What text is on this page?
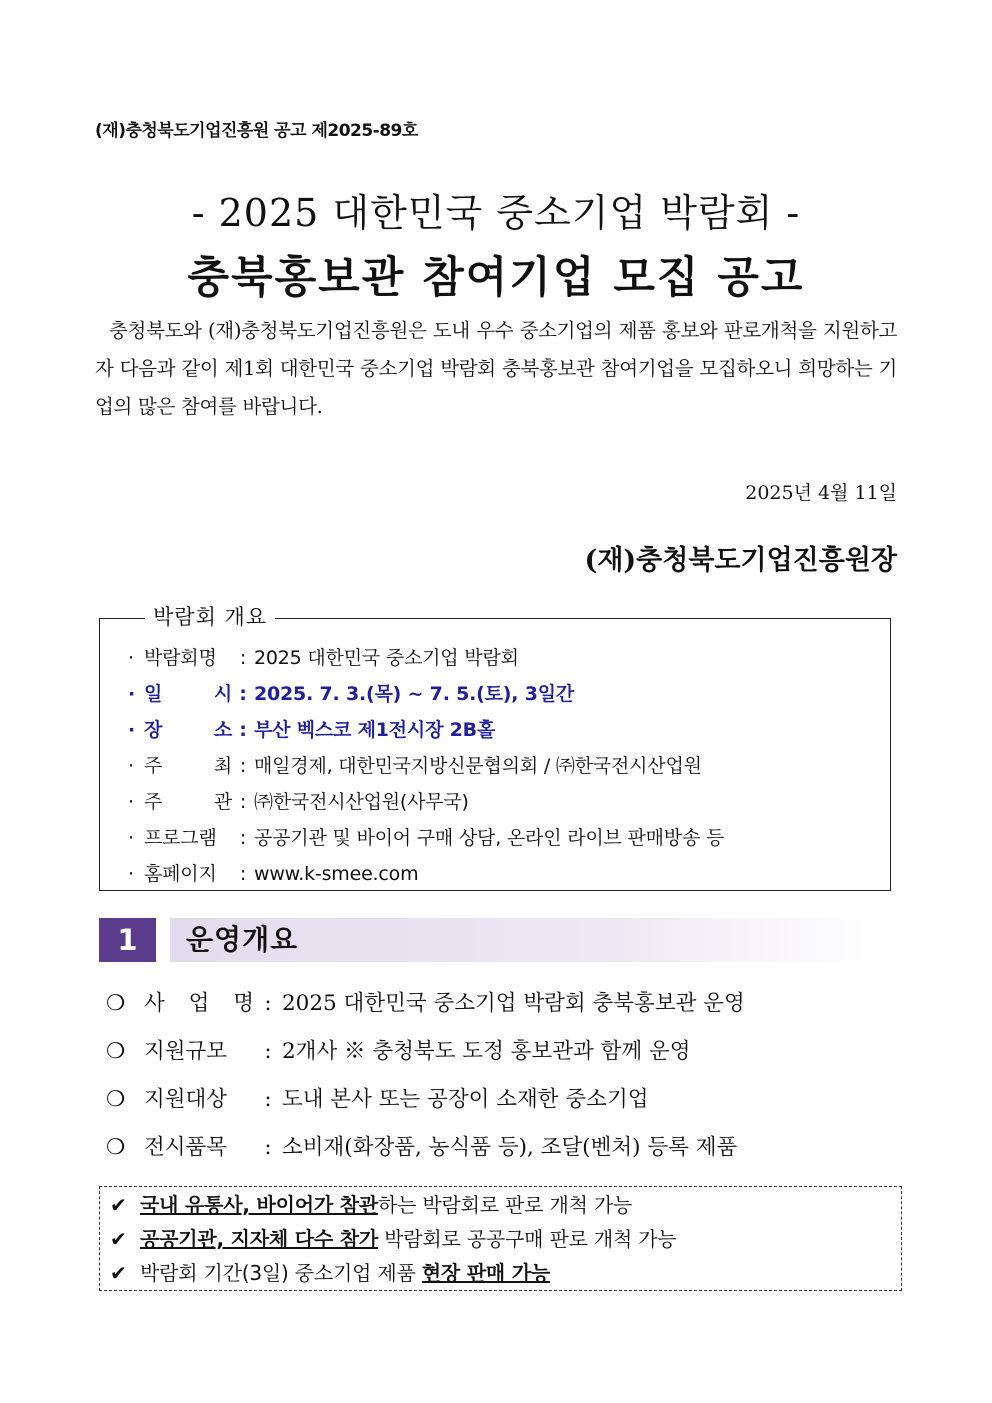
(재)충청북도기업진흥원 공고 제2025-89호
- 2025 대한민국 중소기업 박람회 -
충북홍보관 참여기업 모집 공고

충청북도와 (재)충청북도기업진흥원은 도내 우수 중소기업의 제품 홍보와 판로개척을 지원하고자 다음과 같이 제1회 대한민국 중소기업 박람회 충북홍보관 참여기업을 모집하오니 희망하는 기업의 많은 참여를 바랍니다.

2025년 4월 11일
(재)충청북도기업진흥원장
· 박람회명 : 2025 대한민국 중소기업 박람회
· 일 시 : 2025. 7. 3.(목) ~ 7. 5.(토), 3일간
· 장 소 : 부산 벡스코 제1전시장 2B홀
· 주 최 : 매일경제, 대한민국지방신문협의회 / ㈜한국전시산업원
· 주 관 : ㈜한국전시산업원(사무국)
· 프로그램 : 공공기관 및 바이어 구매 상담, 온라인 라이브 판매방송 등
· 홈페이지 : www.k-smee.com
박람회 개요
1	운영개요
❍ 사 업 명 : 2025 대한민국 중소기업 박람회 충북홍보관 운영
❍ 지원규모 : 2개사 ※ 충청북도 도정 홍보관과 함께 운영
❍ 지원대상 : 도내 본사 또는 공장이 소재한 중소기업
❍ 전시품목 : 소비재(화장품, 농식품 등), 조달(벤처) 등록 제품
✔ 국내 유통사, 바이어가 참관하는 박람회로 판로 개척 가능
✔ 공공기관, 지자체 다수 참가 박람회로 공공구매 판로 개척 가능
✔ 박람회 기간(3일) 중소기업 제품 현장 판매 가능
